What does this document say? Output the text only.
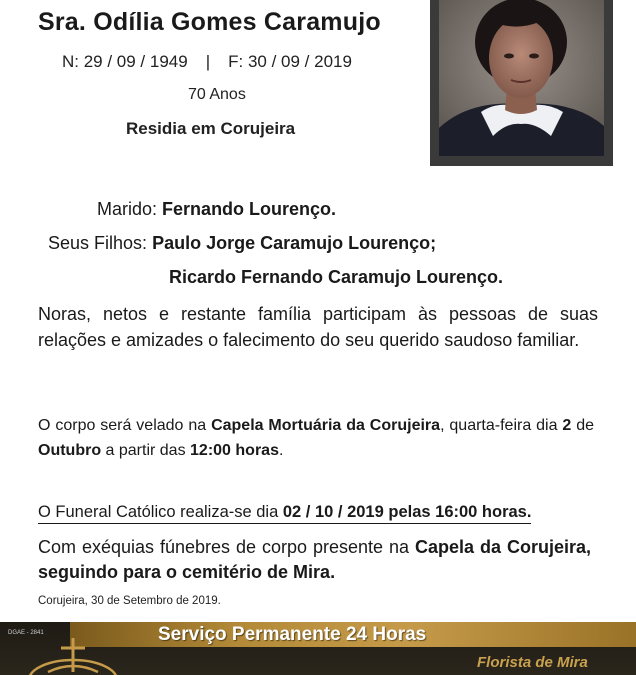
Sra. Odília Gomes Caramujo
N: 29 / 09 / 1949 | F: 30 / 09 / 2019
70 Anos
Residia em Corujeira
Marido: Fernando Lourenço.
Seus Filhos: Paulo Jorge Caramujo Lourenço;
Ricardo Fernando Caramujo Lourenço.
Noras, netos e restante família participam às pessoas de suas relações e amizades o falecimento do seu querido saudoso familiar.
O corpo será velado na Capela Mortuária da Corujeira, quarta-feira dia 2 de Outubro a partir das 12:00 horas.
O Funeral Católico realiza-se dia 02 / 10 / 2019 pelas 16:00 horas.
Com exéquias fúnebres de corpo presente na Capela da Corujeira, seguindo para o cemitério de Mira.
Corujeira, 30 de Setembro de 2019.
DGAE - 2841	Serviço Permanente 24 Horas
Florista de Mira
